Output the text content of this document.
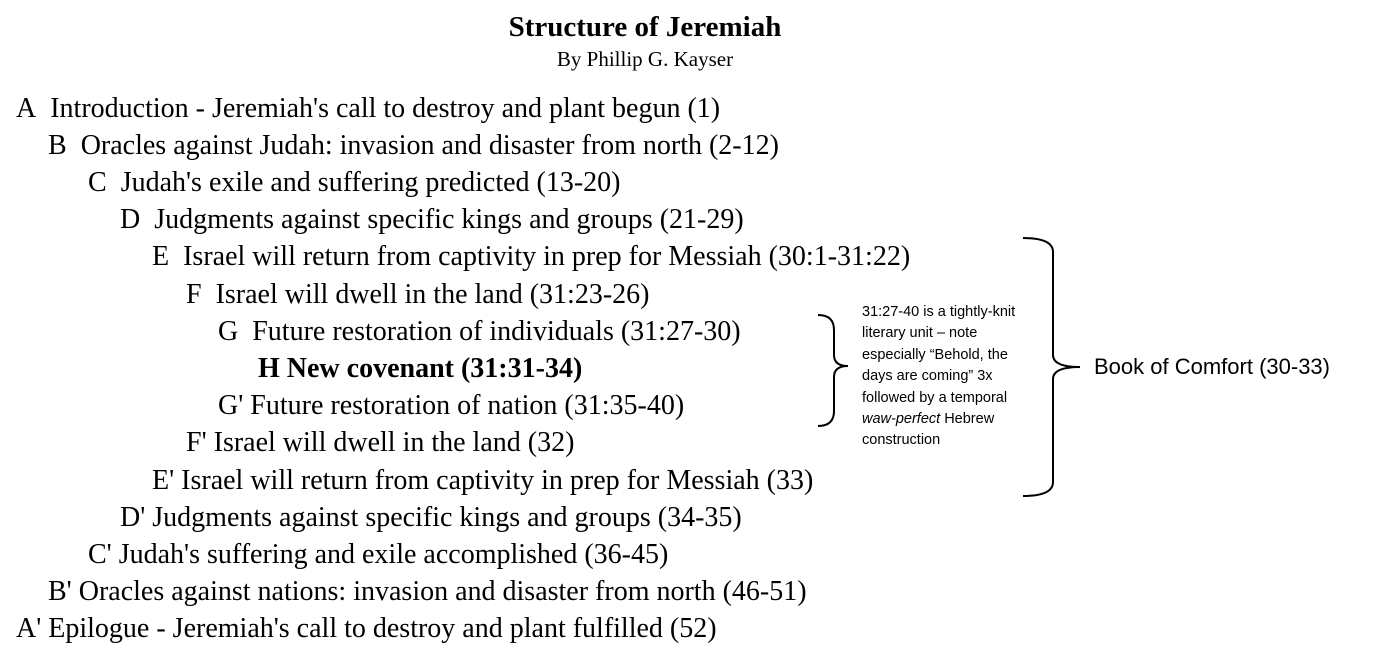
Structure of Jeremiah
By Phillip G. Kayser
A Introduction - Jeremiah's call to destroy and plant begun (1)
B Oracles against Judah: invasion and disaster from north (2-12)
C Judah's exile and suffering predicted (13-20)
D Judgments against specific kings and groups (21-29)
E Israel will return from captivity in prep for Messiah (30:1-31:22)
F Israel will dwell in the land (31:23-26)
G Future restoration of individuals (31:27-30)
H New covenant (31:31-34)
G' Future restoration of nation (31:35-40)
F' Israel will dwell in the land (32)
E' Israel will return from captivity in prep for Messiah (33)
D' Judgments against specific kings and groups (34-35)
C' Judah's suffering and exile accomplished (36-45)
B' Oracles against nations: invasion and disaster from north (46-51)
A' Epilogue - Jeremiah's call to destroy and plant fulfilled (52)
31:27-40 is a tightly-knit
literary unit – note
especially “Behold, the
days are coming” 3x
followed by a temporal
waw-perfect Hebrew
construction
Book of Comfort (30-33)
